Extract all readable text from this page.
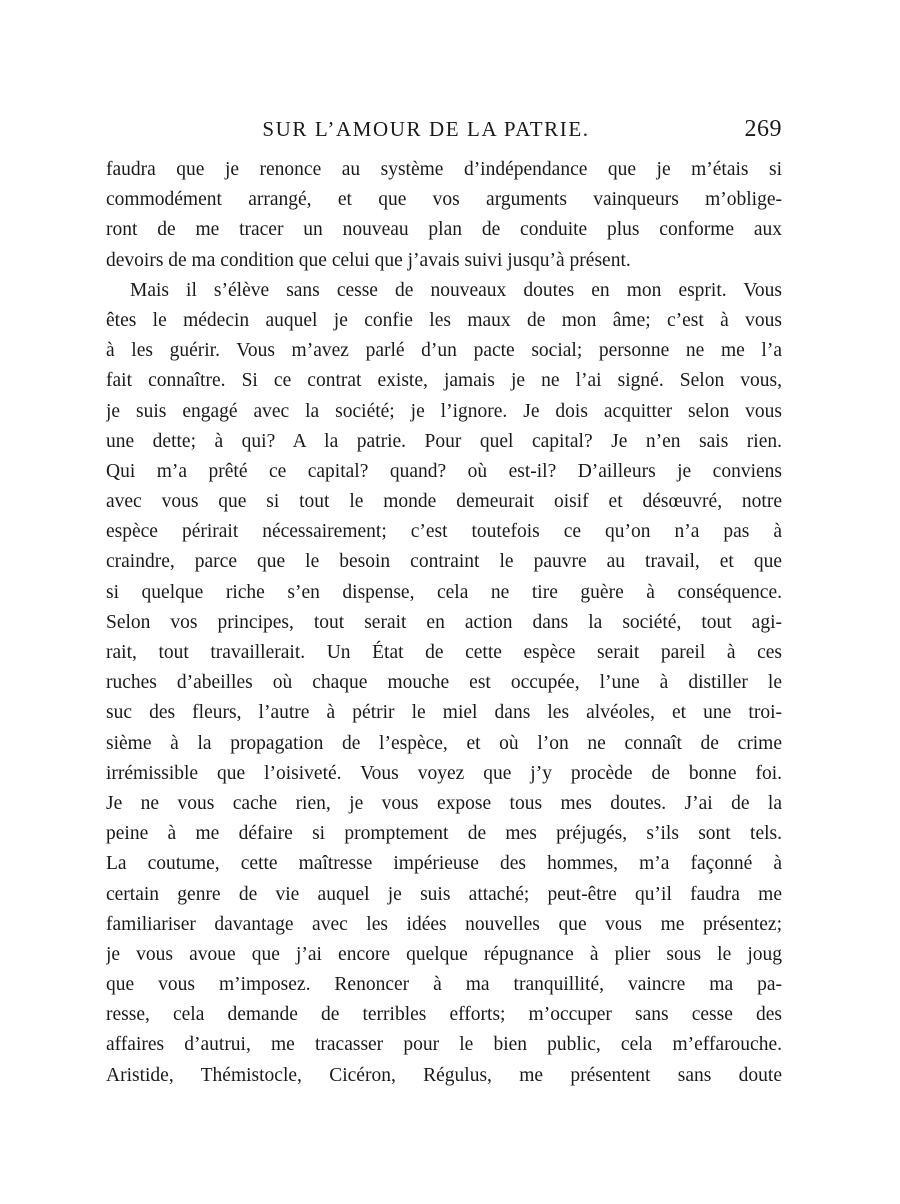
SUR L’AMOUR DE LA PATRIE.	269
faudra que je renonce au système d’indépendance que je m’étais si
commodément arrangé, et que vos arguments vainqueurs m’oblige-
ront de me tracer un nouveau plan de conduite plus conforme aux
devoirs de ma condition que celui que j’avais suivi jusqu’à présent.
Mais il s’élève sans cesse de nouveaux doutes en mon esprit. Vous
êtes le médecin auquel je confie les maux de mon âme; c’est à vous
à les guérir. Vous m’avez parlé d’un pacte social; personne ne me l’a
fait connaître. Si ce contrat existe, jamais je ne l’ai signé. Selon vous,
je suis engagé avec la société; je l’ignore. Je dois acquitter selon vous
une dette; à qui? A la patrie. Pour quel capital? Je n’en sais rien.
Qui m’a prêté ce capital? quand? où est-il? D’ailleurs je conviens
avec vous que si tout le monde demeurait oisif et désœuvré, notre
espèce périrait nécessairement; c’est toutefois ce qu’on n’a pas à
craindre, parce que le besoin contraint le pauvre au travail, et que
si quelque riche s’en dispense, cela ne tire guère à conséquence.
Selon vos principes, tout serait en action dans la société, tout agi-
rait, tout travaillerait. Un État de cette espèce serait pareil à ces
ruches d’abeilles où chaque mouche est occupée, l’une à distiller le
suc des fleurs, l’autre à pétrir le miel dans les alvéoles, et une troi-
sième à la propagation de l’espèce, et où l’on ne connaît de crime
irrémissible que l’oisiveté. Vous voyez que j’y procède de bonne foi.
Je ne vous cache rien, je vous expose tous mes doutes. J’ai de la
peine à me défaire si promptement de mes préjugés, s’ils sont tels.
La coutume, cette maîtresse impérieuse des hommes, m’a façonné à
certain genre de vie auquel je suis attaché; peut-être qu’il faudra me
familiariser davantage avec les idées nouvelles que vous me présentez;
je vous avoue que j’ai encore quelque répugnance à plier sous le joug
que vous m’imposez. Renoncer à ma tranquillité, vaincre ma pa-
resse, cela demande de terribles efforts; m’occuper sans cesse des
affaires d’autrui, me tracasser pour le bien public, cela m’effarouche.
Aristide, Thémistocle, Cicéron, Régulus, me présentent sans doute
